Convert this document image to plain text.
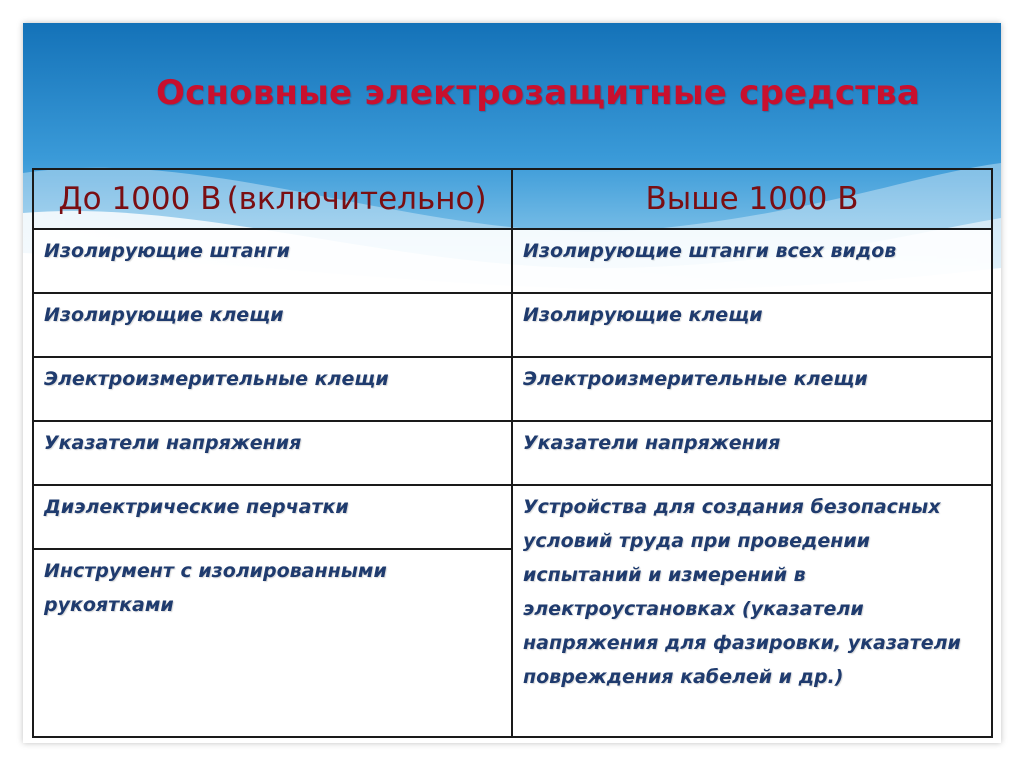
Основные электрозащитные средства
До 1000 В (включительно)	Выше 1000 В
Изолирующие штанги	Изолирующие штанги всех видов
Изолирующие клещи	Изолирующие клещи
Электроизмерительные клещи	Электроизмерительные клещи
Указатели напряжения	Указатели напряжения
Диэлектрические перчатки	Устройства для создания безопасных условий труда при проведении испытаний и измерений в электроустановках (указатели напряжения для фазировки, указатели повреждения кабелей и др.)
Инструмент с изолированными рукоятками	
